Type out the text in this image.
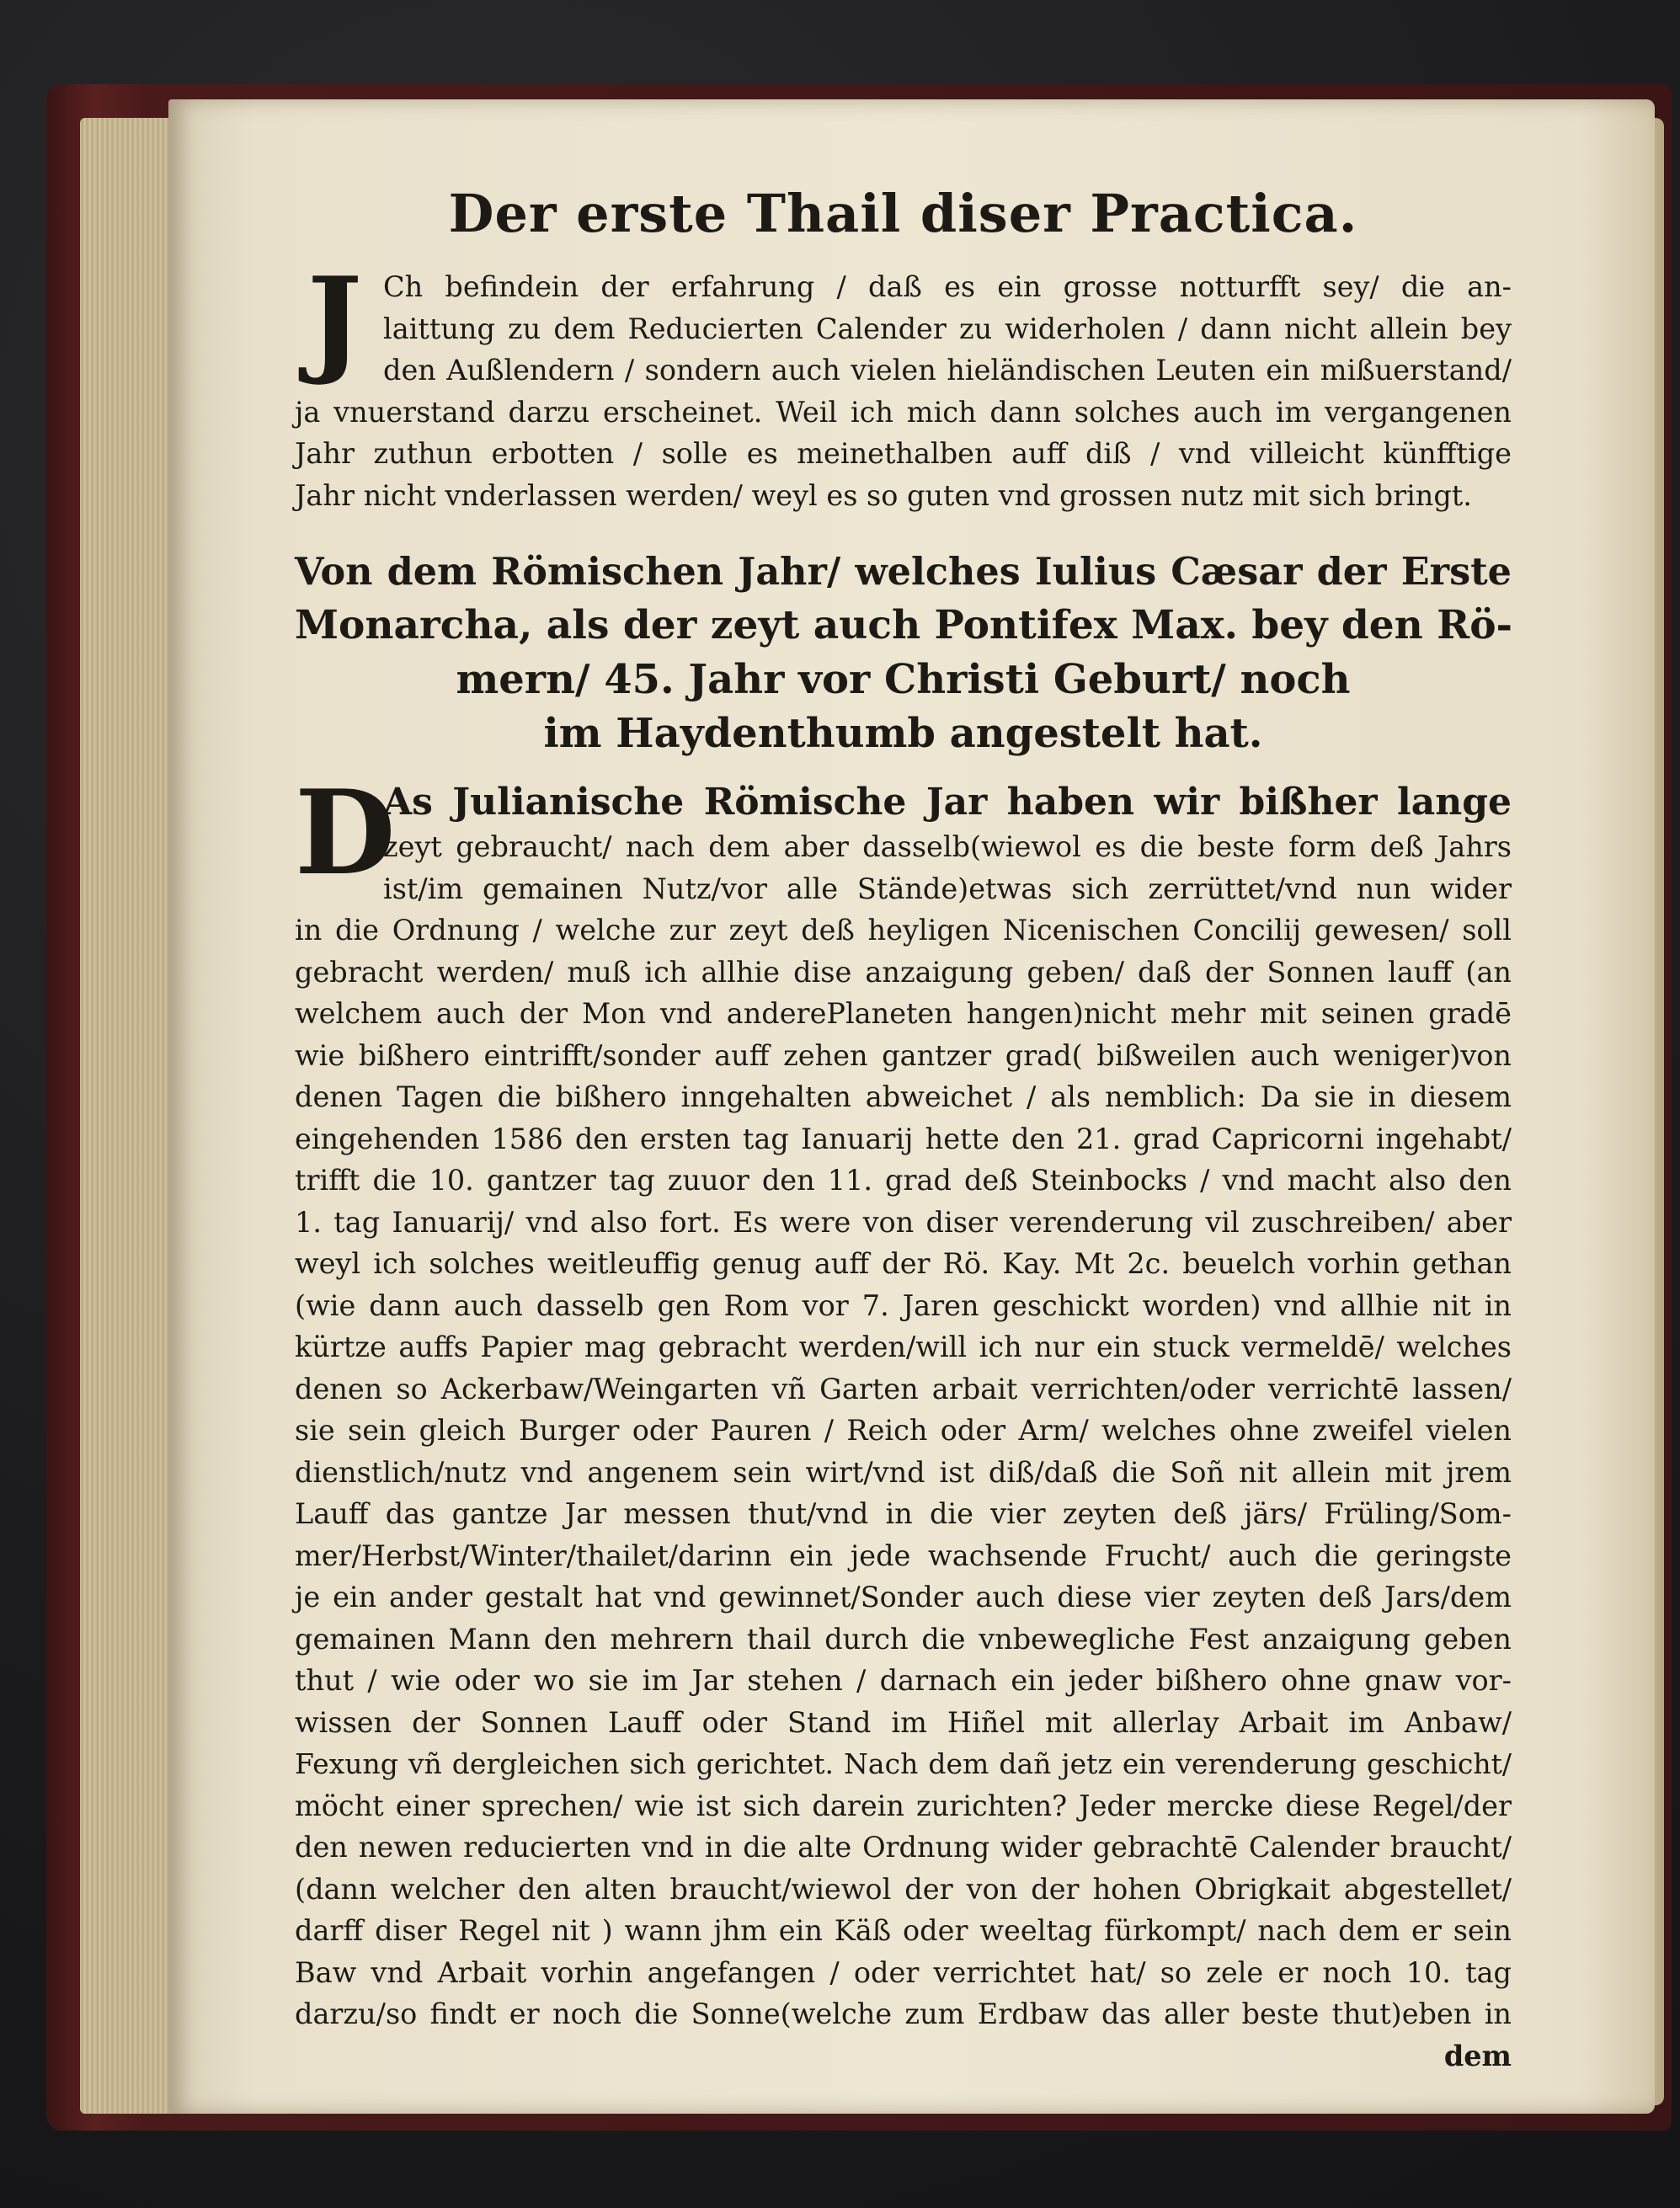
Der erste Thail diser Practica.
J Ch befindein der erfahrung / daß es ein grosse notturfft sey/ die an-
laittung zu dem Reducierten Calender zu widerholen / dann nicht allein bey
den Außlendern / sondern auch vielen hieländischen Leuten ein mißuerstand/
ja vnuerstand darzu erscheinet. Weil ich mich dann solches auch im vergangenen
Jahr zuthun erbotten / solle es meinethalben auff diß / vnd villeicht künfftige
Jahr nicht vnderlassen werden/ weyl es so guten vnd grossen nutz mit sich bringt.
Von dem Römischen Jahr/ welches Iulius Cæsar der Erste
Monarcha, als der zeyt auch Pontifex Max. bey den Rö-
mern/ 45. Jahr vor Christi Geburt/ noch
im Haydenthumb angestelt hat.
D
As Julianische Römische Jar haben wir bißher lange
zeyt gebraucht/ nach dem aber dasselb(wiewol es die beste form deß Jahrs
ist/im gemainen Nutz/vor alle Stände)etwas sich zerrüttet/vnd nun wider
in die Ordnung / welche zur zeyt deß heyligen Nicenischen Concilij gewesen/ soll
gebracht werden/ muß ich allhie dise anzaigung geben/ daß der Sonnen lauff (an
welchem auch der Mon vnd anderePlaneten hangen)nicht mehr mit seinen gradē
wie bißhero eintrifft/sonder auff zehen gantzer grad( bißweilen auch weniger)von
denen Tagen die bißhero inngehalten abweichet / als nemblich: Da sie in diesem
eingehenden 1586 den ersten tag Ianuarij hette den 21. grad Capricorni ingehabt/
trifft die 10. gantzer tag zuuor den 11. grad deß Steinbocks / vnd macht also den
1. tag Ianuarij/ vnd also fort. Es were von diser verenderung vil zuschreiben/ aber
weyl ich solches weitleuffig genug auff der Rö. Kay. Mt 2c. beuelch vorhin gethan
(wie dann auch dasselb gen Rom vor 7. Jaren geschickt worden) vnd allhie nit in
kürtze auffs Papier mag gebracht werden/will ich nur ein stuck vermeldē/ welches
denen so Ackerbaw/Weingarten vñ Garten arbait verrichten/oder verrichtē lassen/
sie sein gleich Burger oder Pauren / Reich oder Arm/ welches ohne zweifel vielen
dienstlich/nutz vnd angenem sein wirt/vnd ist diß/daß die Soñ nit allein mit jrem
Lauff das gantze Jar messen thut/vnd in die vier zeyten deß järs/ Früling/Som-
mer/Herbst/Winter/thailet/darinn ein jede wachsende Frucht/ auch die geringste
je ein ander gestalt hat vnd gewinnet/Sonder auch diese vier zeyten deß Jars/dem
gemainen Mann den mehrern thail durch die vnbewegliche Fest anzaigung geben
thut / wie oder wo sie im Jar stehen / darnach ein jeder bißhero ohne gnaw vor-
wissen der Sonnen Lauff oder Stand im Hiñel mit allerlay Arbait im Anbaw/
Fexung vñ dergleichen sich gerichtet. Nach dem dañ jetz ein verenderung geschicht/
möcht einer sprechen/ wie ist sich darein zurichten? Jeder mercke diese Regel/der
den newen reducierten vnd in die alte Ordnung wider gebrachtē Calender braucht/
(dann welcher den alten braucht/wiewol der von der hohen Obrigkait abgestellet/
darff diser Regel nit ) wann jhm ein Käß oder weeltag fürkompt/ nach dem er sein
Baw vnd Arbait vorhin angefangen / oder verrichtet hat/ so zele er noch 10. tag
darzu/so findt er noch die Sonne(welche zum Erdbaw das aller beste thut)eben in
dem
